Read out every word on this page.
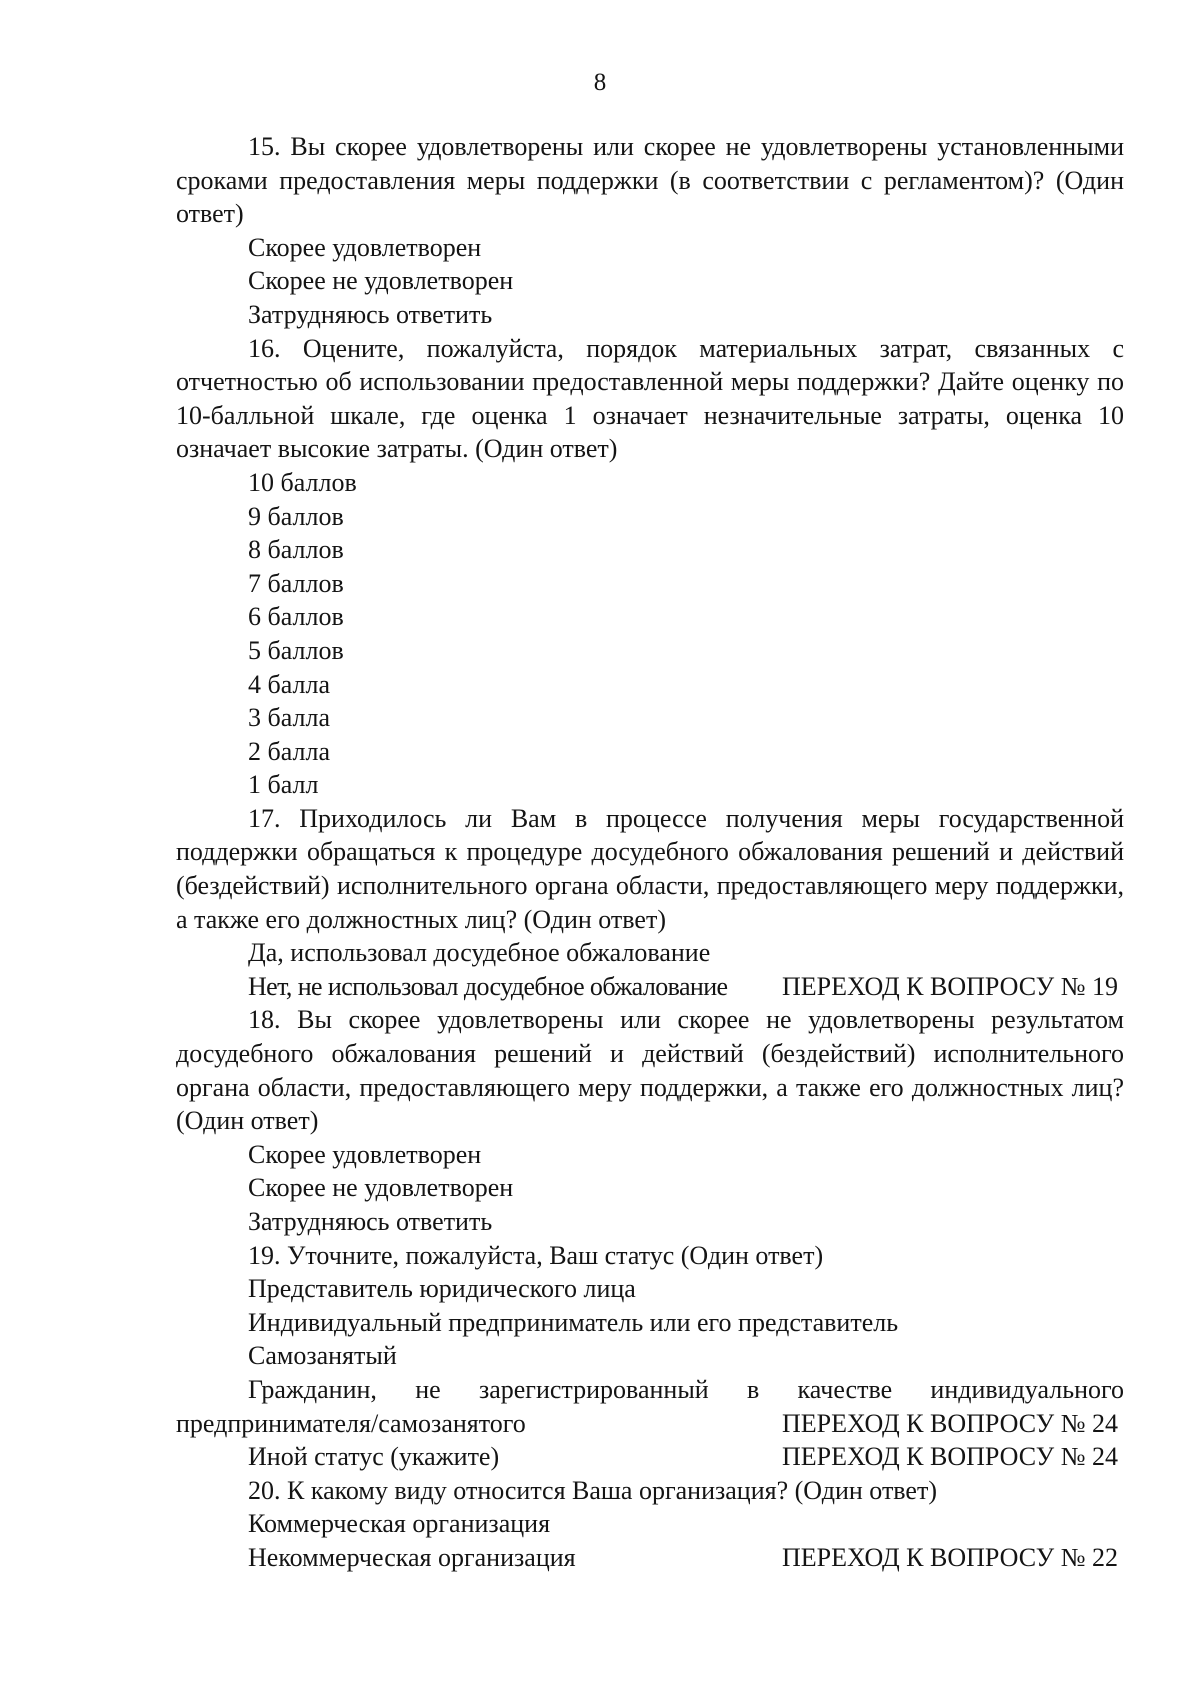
8

15. Вы скорее удовлетворены или скорее не удовлетворены установленными сроками предоставления меры поддержки (в соответствии с регламентом)? (Один ответ)

Скорее удовлетворен

Скорее не удовлетворен

Затрудняюсь ответить

16. Оцените, пожалуйста, порядок материальных затрат, связанных с отчетностью об использовании предоставленной меры поддержки? Дайте оценку по 10-балльной шкале, где оценка 1 означает незначительные затраты, оценка 10 означает высокие затраты. (Один ответ)

10 баллов

9 баллов

8 баллов

7 баллов

6 баллов

5 баллов

4 балла

3 балла

2 балла

1 балл

17. Приходилось ли Вам в процессе получения меры государственной поддержки обращаться к процедуре досудебного обжалования решений и действий (бездействий) исполнительного органа области, предоставляющего меру поддержки, а также его должностных лиц? (Один ответ)

Да, использовал досудебное обжалование

Нет, не использовал досудебное обжалование ПЕРЕХОД К ВОПРОСУ № 19

18. Вы скорее удовлетворены или скорее не удовлетворены результатом досудебного обжалования решений и действий (бездействий) исполнительного органа области, предоставляющего меру поддержки, а также его должностных лиц? (Один ответ)

Скорее удовлетворен

Скорее не удовлетворен

Затрудняюсь ответить

19. Уточните, пожалуйста, Ваш статус (Один ответ)

Представитель юридического лица

Индивидуальный предприниматель или его представитель

Самозанятый

Гражданин, не зарегистрированный в качестве индивидуального

предпринимателя/самозанятого	ПЕРЕХОД К ВОПРОСУ № 24
Иной статус (укажите)	ПЕРЕХОД К ВОПРОСУ № 24

20. К какому виду относится Ваша организация? (Один ответ)

Коммерческая организация

Некоммерческая организация	ПЕРЕХОД К ВОПРОСУ № 22
